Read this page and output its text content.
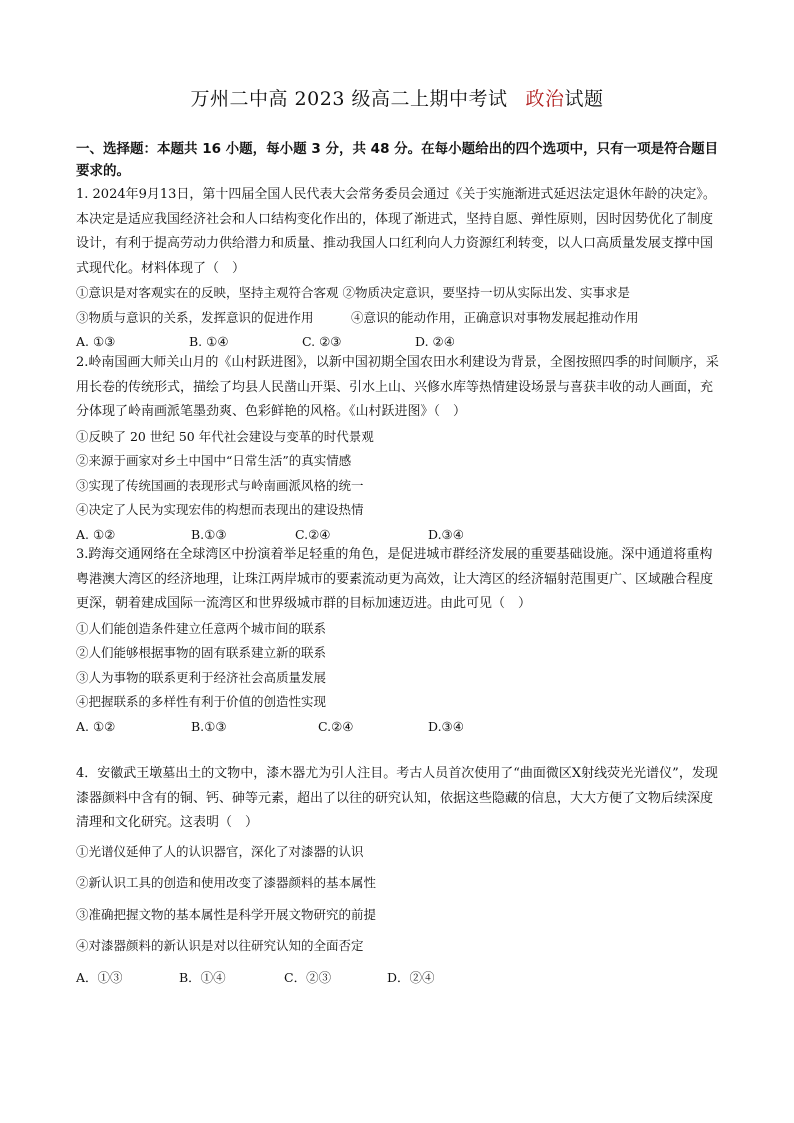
万州二中高 2023 级高二上期中考试 政治试题
一、选择题：本题共 16 小题，每小题 3 分，共 48 分。在每小题给出的四个选项中，只有一项是符合题目要求的。

1. 2024年9月13日，第十四届全国人民代表大会常务委员会通过《关于实施渐进式延迟法定退休年龄的决定》。本决定是适应我国经济社会和人口结构变化作出的，体现了渐进式，坚持自愿、弹性原则，因时因势优化了制度设计，有利于提高劳动力供给潜力和质量、推动我国人口红利向人力资源红利转变，以人口高质量发展支撑中国式现代化。材料体现了（　）

①意识是对客观实在的反映，坚持主观符合客观 ②物质决定意识，要坚持一切从实际出发、实事求是

③物质与意识的关系，发挥意识的促进作用　　　④意识的能动作用，正确意识对事物发展起推动作用

A. ①③	B. ①④	C. ②③	D. ②④

2.岭南国画大师关山月的《山村跃进图》，以新中国初期全国农田水利建设为背景，全图按照四季的时间顺序，采用长卷的传统形式，描绘了均县人民凿山开渠、引水上山、兴修水库等热情建设场景与喜获丰收的动人画面，充分体现了岭南画派笔墨劲爽、色彩鲜艳的风格。《山村跃进图》（　）

①反映了 20 世纪 50 年代社会建设与变革的时代景观

②来源于画家对乡土中国中“日常生活”的真实情感

③实现了传统国画的表现形式与岭南画派风格的统一

④决定了人民为实现宏伟的构想而表现出的建设热情

A. ①②	B.①③	C.②④	D.③④

3.跨海交通网络在全球湾区中扮演着举足轻重的角色，是促进城市群经济发展的重要基础设施。深中通道将重构粤港澳大湾区的经济地理，让珠江两岸城市的要素流动更为高效，让大湾区的经济辐射范围更广、区域融合程度更深，朝着建成国际一流湾区和世界级城市群的目标加速迈进。由此可见（　）

①人们能创造条件建立任意两个城市间的联系

②人们能够根据事物的固有联系建立新的联系

③人为事物的联系更利于经济社会高质量发展

④把握联系的多样性有利于价值的创造性实现

A. ①②	B.①③	C.②④	D.③④

4．安徽武王墩墓出土的文物中，漆木器尤为引人注目。考古人员首次使用了“曲面微区X射线荧光光谱仪”，发现漆器颜料中含有的铜、钙、砷等元素，超出了以往的研究认知，依据这些隐藏的信息，大大方便了文物后续深度清理和文化研究。这表明（　）

①光谱仪延伸了人的认识器官，深化了对漆器的认识

②新认识工具的创造和使用改变了漆器颜料的基本属性

③准确把握文物的基本属性是科学开展文物研究的前提

④对漆器颜料的新认识是对以往研究认知的全面否定

A．①③	B．①④	C．②③	D．②④
